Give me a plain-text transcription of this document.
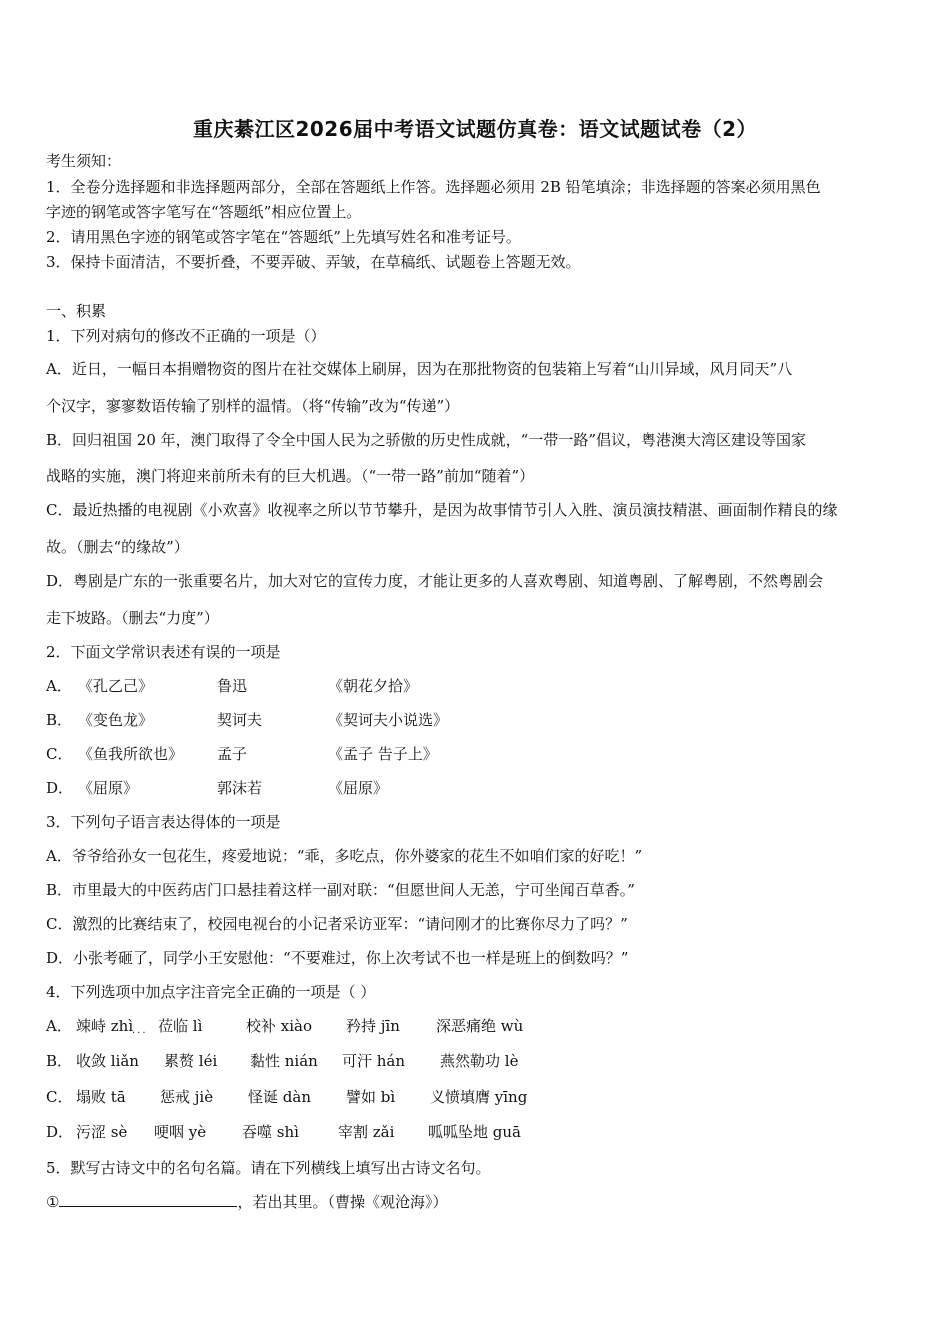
重庆綦江区2026届中考语文试题仿真卷：语文试题试卷（2）
考生须知：
1．全卷分选择题和非选择题两部分，全部在答题纸上作答。选择题必须用 2B 铅笔填涂；非选择题的答案必须用黑色
字迹的钢笔或答字笔写在“答题纸”相应位置上。
2．请用黑色字迹的钢笔或答字笔在“答题纸”上先填写姓名和准考证号。
3．保持卡面清洁，不要折叠，不要弄破、弄皱，在草稿纸、试题卷上答题无效。
一、积累
1．下列对病句的修改不正确的一项是（）
A．近日，一幅日本捐赠物资的图片在社交媒体上刷屏，因为在那批物资的包装箱上写着“山川异域，风月同天”八
个汉字，寥寥数语传输了别样的温情。（将“传输”改为“传递”）
B．回归祖国 20 年，澳门取得了令全中国人民为之骄傲的历史性成就，“一带一路”倡议，粤港澳大湾区建设等国家
战略的实施，澳门将迎来前所未有的巨大机遇。（“一带一路”前加“随着”）
C．最近热播的电视剧《小欢喜》收视率之所以节节攀升，是因为故事情节引人入胜、演员演技精湛、画面制作精良的缘
故。（删去“的缘故”）
D．粤剧是广东的一张重要名片，加大对它的宣传力度，才能让更多的人喜欢粤剧、知道粤剧、了解粤剧，不然粤剧会
走下坡路。（删去“力度”）
2．下面文学常识表述有误的一项是
A． 《孔乙己》	鲁迅	《朝花夕拾》
B． 《变色龙》	契诃夫	《契诃夫小说选》
C． 《鱼我所欲也》 孟子	《孟子 告子上》
D． 《屈原》	郭沫若	《屈原》
3．下列句子语言表达得体的一项是
A．爷爷给孙女一包花生，疼爱地说：“乖，多吃点，你外婆家的花生不如咱们家的好吃！”
B．市里最大的中医药店门口悬挂着这样一副对联：“但愿世间人无恙，宁可坐闻百草香。”
C．激烈的比赛结束了，校园电视台的小记者采访亚军：“请问刚才的比赛你尽力了吗？”
D．小张考砸了，同学小王安慰他：“不要难过，你上次考试不也一样是班上的倒数吗？”
4．下列选项中加点字注音完全正确的一项是（ ）
A． 竦峙 zhì 莅临 lì	校补 xiào 矜持 jīn 深恶痛绝 wù
B． 收敛 liǎn 累赘 léi 黏性 nián 可汗 hán 燕然勒功 lè
C． 塌败 tā 惩戒 jiè 怪诞 dàn 譬如 bì 义愤填膺 yīng
D． 污涩 sè 哽咽 yè 吞噬 shì	宰割 zǎi 呱呱坠地 guā
...
5．默写古诗文中的名句名篇。请在下列横线上填写出古诗文名句。
①	，若出其里。（曹操《观沧海》）
